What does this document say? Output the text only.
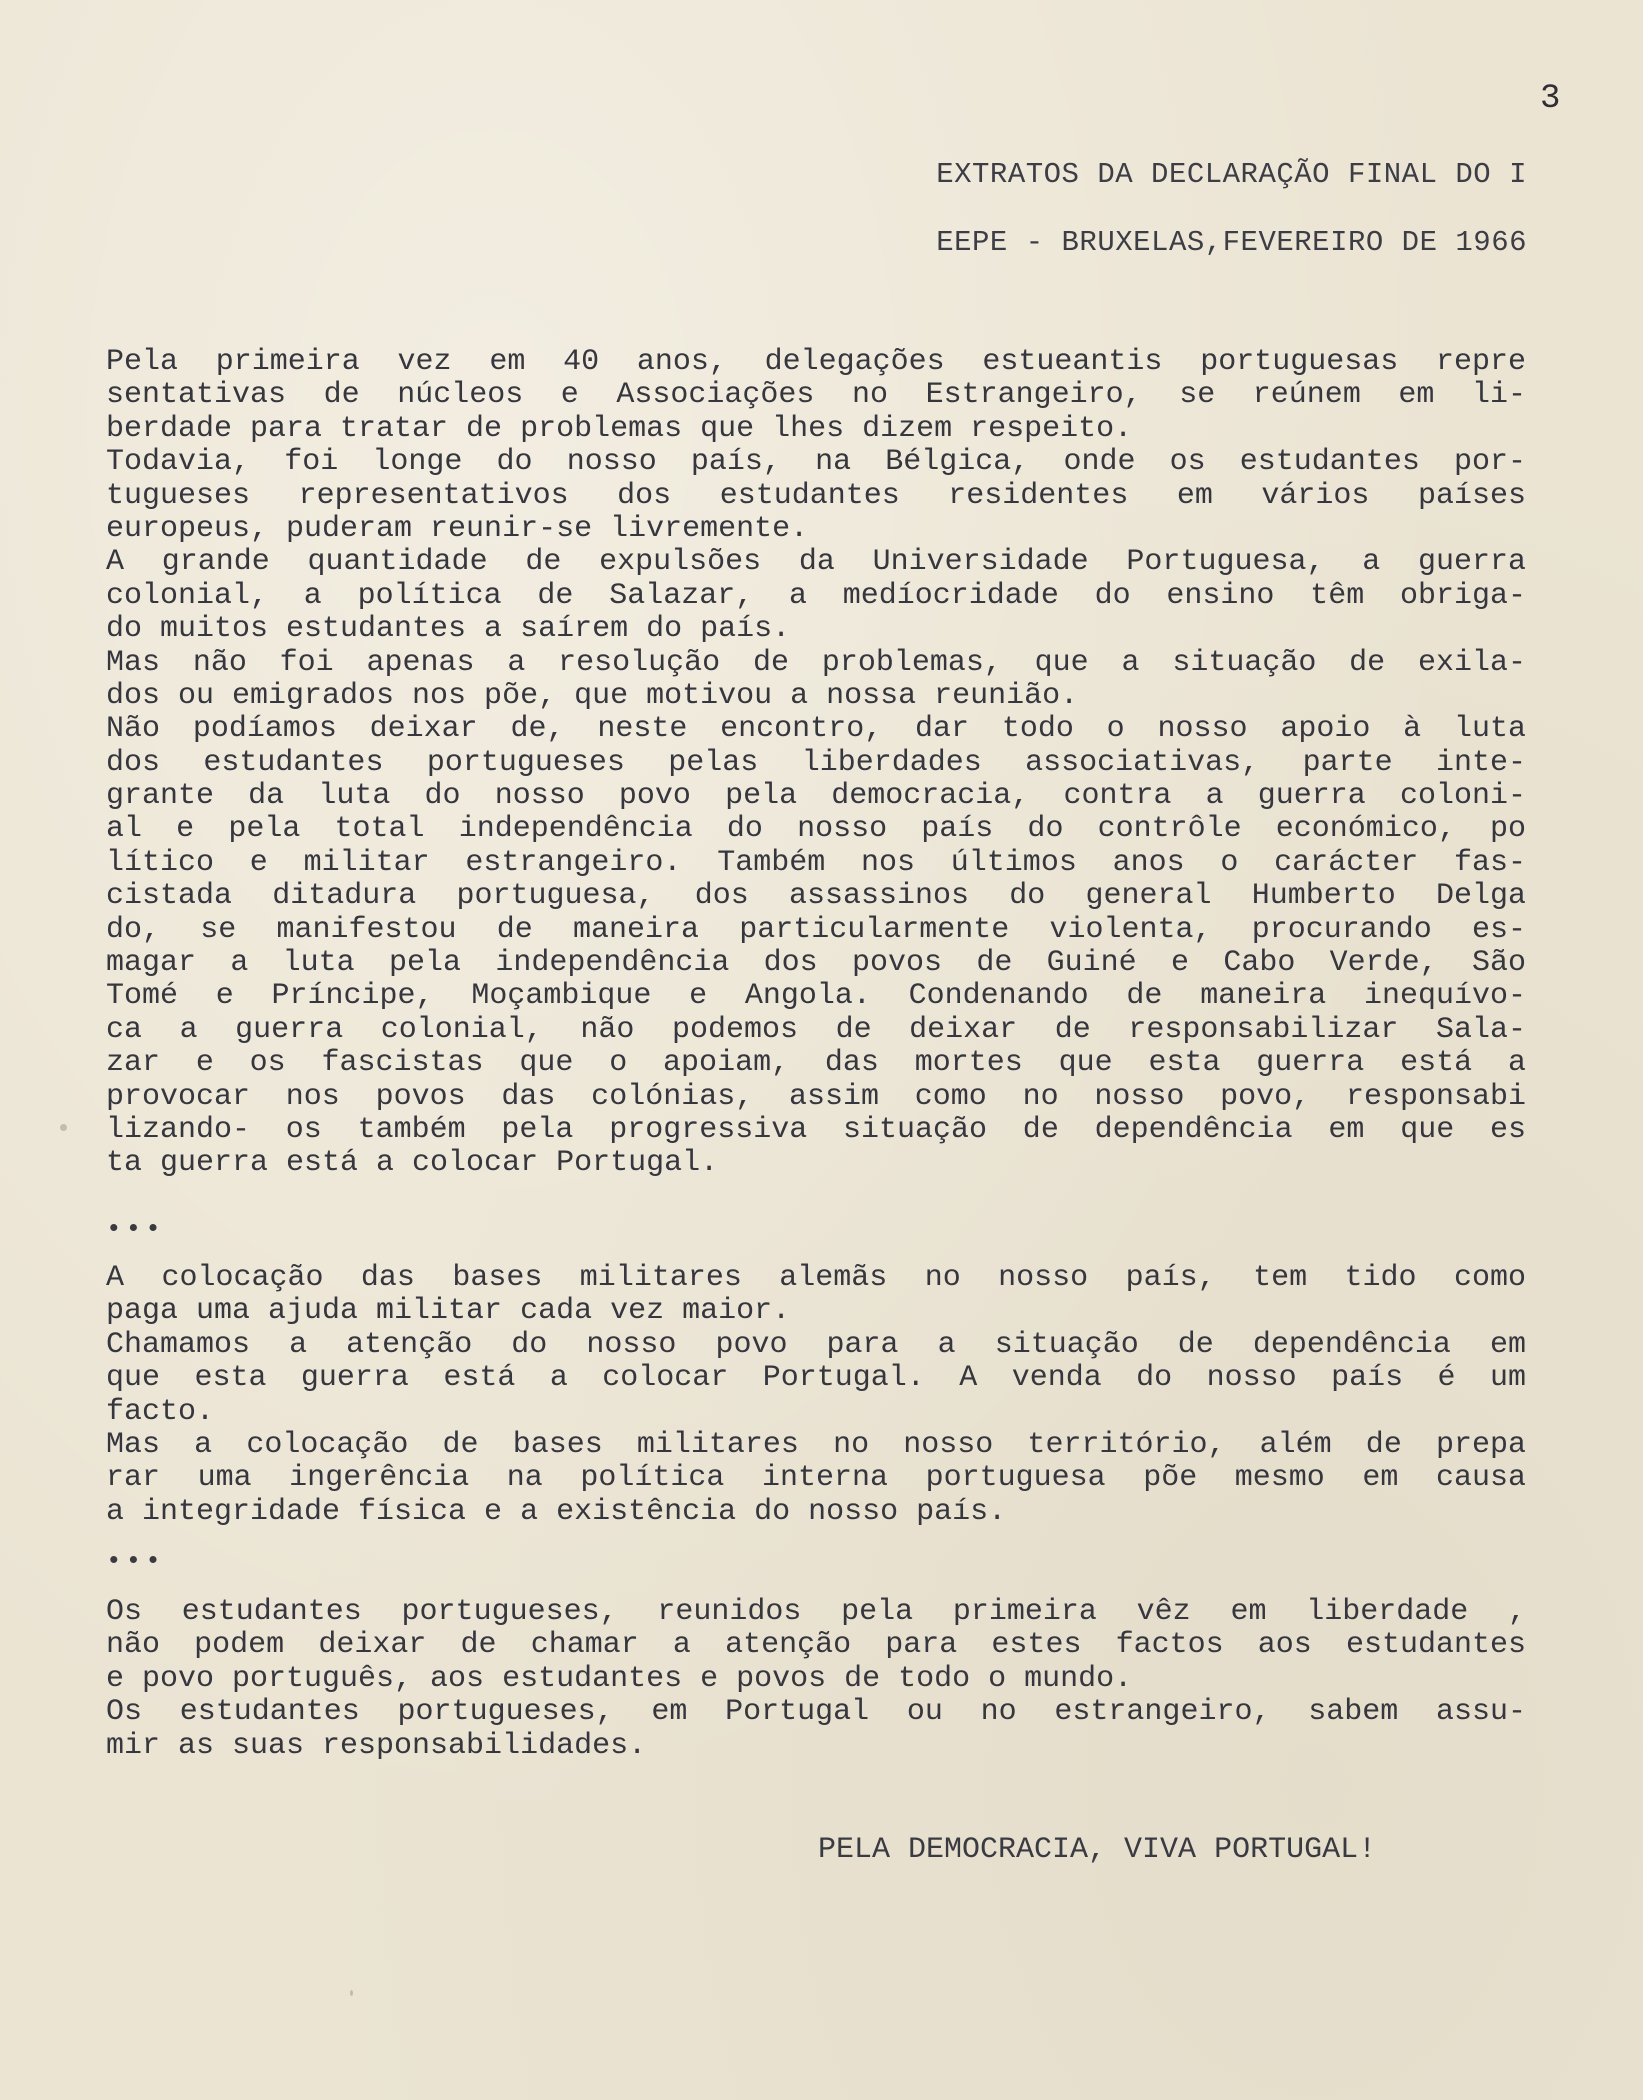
3
EXTRATOS DA DECLARAÇÃO FINAL DO I
EEPE - BRUXELAS,FEVEREIRO DE 1966
Pela primeira vez em 40 anos, delegações estueantis portuguesas repre
sentativas de núcleos e Associações no Estrangeiro, se reúnem em li-
berdade para tratar de problemas que lhes dizem respeito.
Todavia, foi longe do nosso país, na Bélgica, onde os estudantes por-
tugueses representativos dos estudantes residentes em vários países
europeus, puderam reunir-se livremente.
A grande quantidade de expulsões da Universidade Portuguesa, a guerra
colonial, a política de Salazar, a medíocridade do ensino têm obriga-
do muitos estudantes a saírem do país.
Mas não foi apenas a resolução de problemas, que a situação de exila-
dos ou emigrados nos põe, que motivou a nossa reunião.
Não podíamos deixar de, neste encontro, dar todo o nosso apoio à luta
dos estudantes portugueses pelas liberdades associativas, parte inte-
grante da luta do nosso povo pela democracia, contra a guerra coloni-
al e pela total independência do nosso país do contrôle económico, po
lítico e militar estrangeiro. Também nos últimos anos o carácter fas-
cistada ditadura portuguesa, dos assassinos do general Humberto Delga
do, se manifestou de maneira particularmente violenta, procurando es-
magar a luta pela independência dos povos de Guiné e Cabo Verde, São
Tomé e Príncipe, Moçambique e Angola. Condenando de maneira inequívo-
ca a guerra colonial, não podemos de deixar de responsabilizar Sala-
zar e os fascistas que o apoiam, das mortes que esta guerra está a
provocar nos povos das colónias, assim como no nosso povo, responsabi
lizando- os também pela progressiva situação de dependência em que es
ta guerra está a colocar Portugal.
•••
A colocação das bases militares alemãs no nosso país, tem tido como
paga uma ajuda militar cada vez maior.
Chamamos a atenção do nosso povo para a situação de dependência em
que esta guerra está a colocar Portugal. A venda do nosso país é um
facto.
Mas a colocação de bases militares no nosso território, além de prepa
rar uma ingerência na política interna portuguesa põe mesmo em causa
a integridade física e a existência do nosso país.
•••
Os estudantes portugueses, reunidos pela primeira vêz em liberdade ,
não podem deixar de chamar a atenção para estes factos aos estudantes
e povo português, aos estudantes e povos de todo o mundo.
Os estudantes portugueses, em Portugal ou no estrangeiro, sabem assu-
mir as suas responsabilidades.
PELA DEMOCRACIA, VIVA PORTUGAL!
